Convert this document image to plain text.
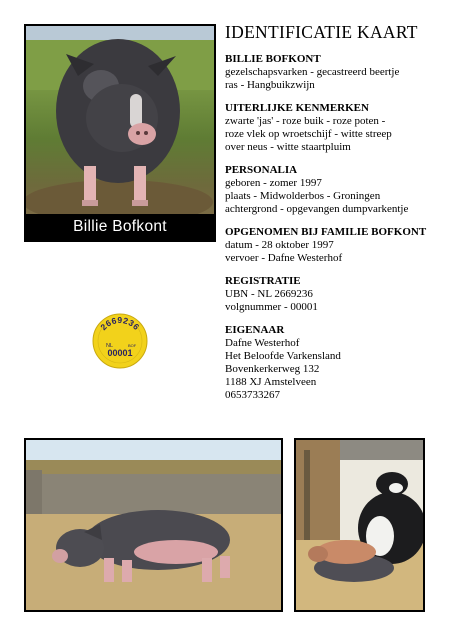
Billie Bofkont
IDENTIFICATIE KAART
BILLIE BOFKONT
gezelschapsvarken - gecastreerd beertje
ras - Hangbuikzwijn
UITERLIJKE KENMERKEN
zwarte 'jas' - roze buik - roze poten -
roze vlek op wroetschijf - witte streep
over neus - witte staartpluim
PERSONALIA
geboren - zomer 1997
plaats - Midwolderbos - Groningen
achtergrond - opgevangen dumpvarkentje
OPGENOMEN BIJ FAMILIE BOFKONT
datum - 28 oktober 1997
vervoer - Dafne Westerhof
REGISTRATIE
UBN - NL 2669236
volgnummer - 00001
EIGENAAR
Dafne Westerhof
Het Beloofde Varkensland
Bovenkerkerweg 132
1188 XJ Amstelveen
0653733267
2669236
NL	BOF
00001
